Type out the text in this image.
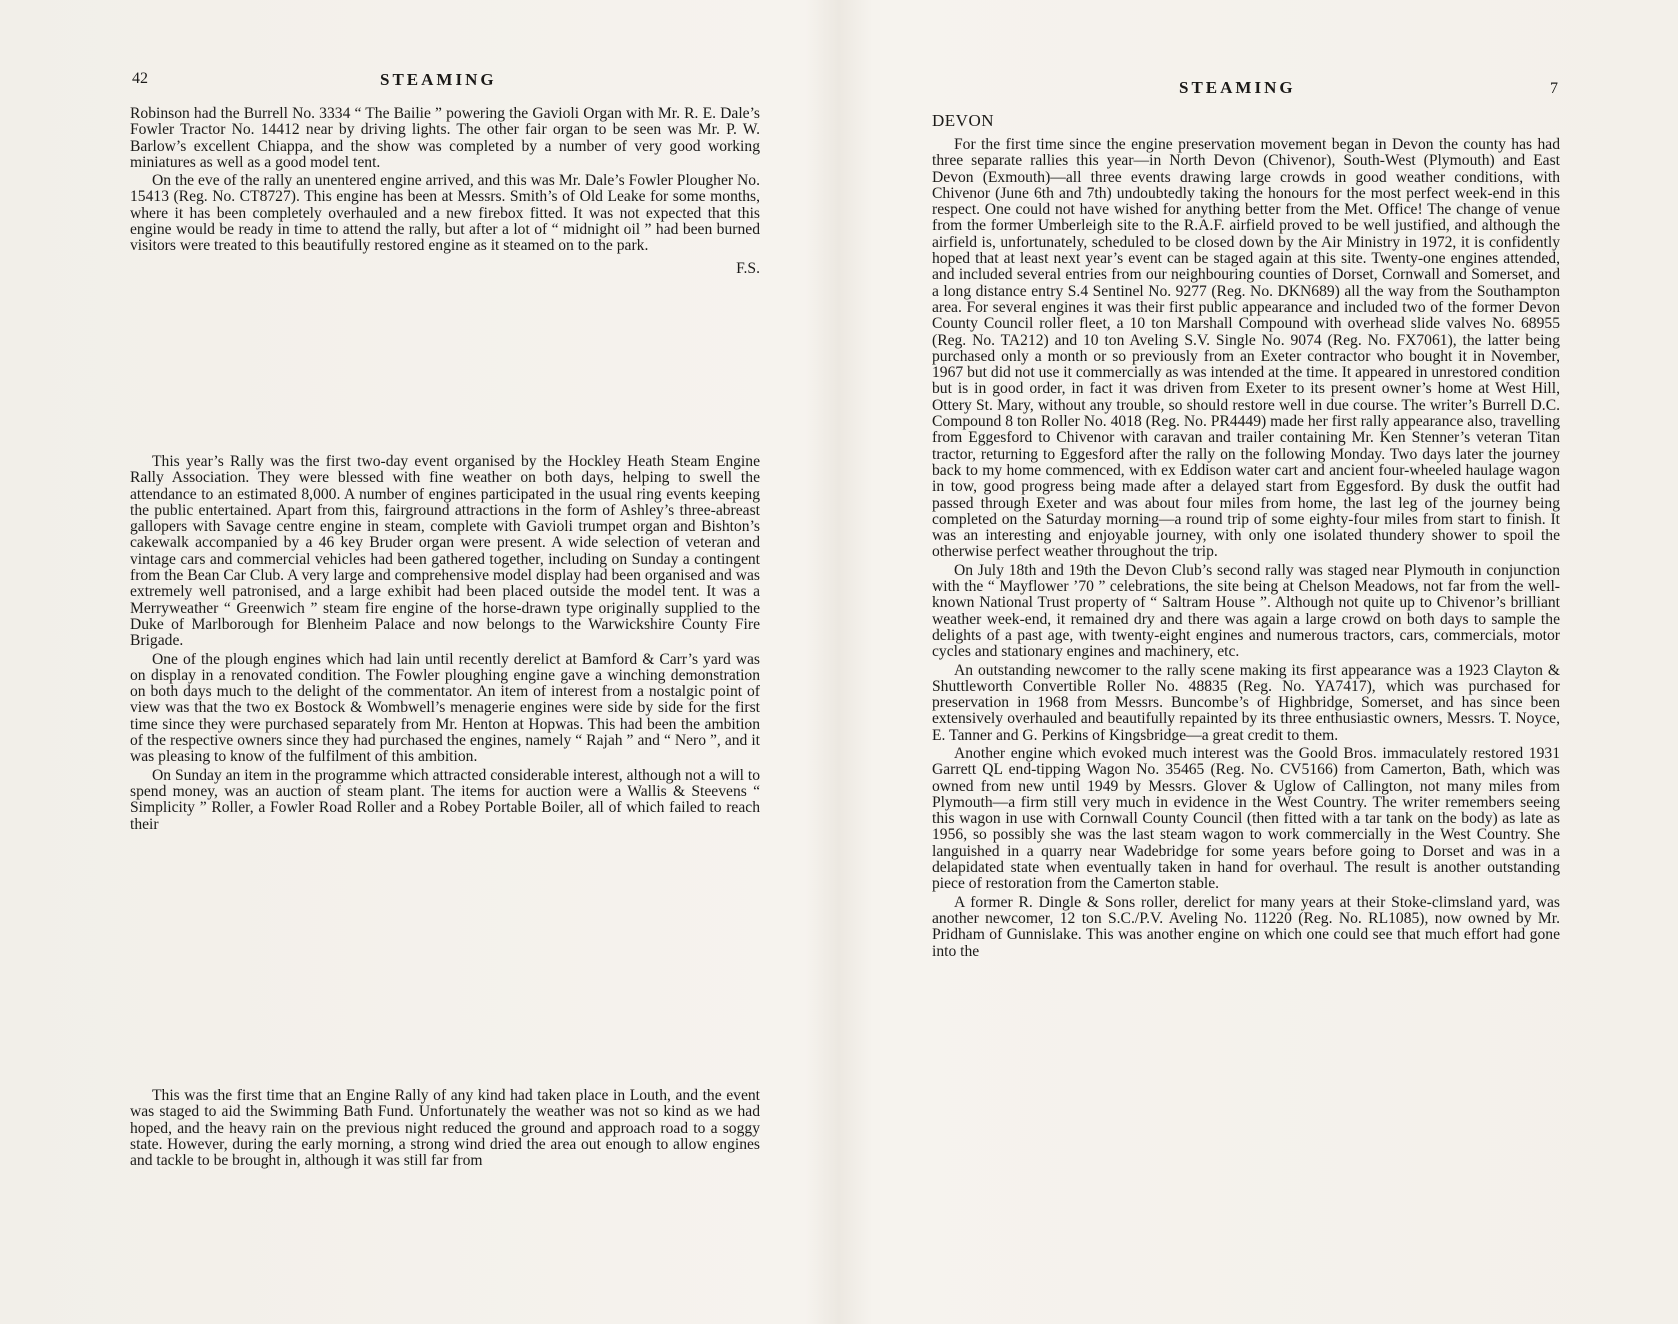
42	STEAMING

Robinson had the Burrell No. 3334 “ The Bailie ” powering the Gavioli Organ with Mr. R. E. Dale’s Fowler Tractor No. 14412 near by driving lights. The other fair organ to be seen was Mr. P. W. Barlow’s excellent Chiappa, and the show was completed by a number of very good working miniatures as well as a good model tent.

On the eve of the rally an unentered engine arrived, and this was Mr. Dale’s Fowler Plougher No. 15413 (Reg. No. CT8727). This engine has been at Messrs. Smith’s of Old Leake for some months, where it has been completely overhauled and a new firebox fitted. It was not expected that this engine would be ready in time to attend the rally, but after a lot of “ midnight oil ” had been burned visitors were treated to this beautifully restored engine as it steamed on to the park.

F.S.

This year’s Rally was the first two-day event organised by the Hockley Heath Steam Engine Rally Association. They were blessed with fine weather on both days, helping to swell the attendance to an estimated 8,000. A number of engines participated in the usual ring events keeping the public entertained. Apart from this, fairground attractions in the form of Ashley’s three-abreast gallopers with Savage centre engine in steam, complete with Gavioli trumpet organ and Bishton’s cakewalk accompanied by a 46 key Bruder organ were present. A wide selection of veteran and vintage cars and commercial vehicles had been gathered together, including on Sunday a contingent from the Bean Car Club. A very large and comprehensive model display had been organised and was extremely well patronised, and a large exhibit had been placed outside the model tent. It was a Merryweather “ Greenwich ” steam fire engine of the horse-drawn type originally supplied to the Duke of Marlborough for Blenheim Palace and now belongs to the Warwickshire County Fire Brigade.

One of the plough engines which had lain until recently derelict at Bamford & Carr’s yard was on display in a renovated condition. The Fowler ploughing engine gave a winching demonstration on both days much to the delight of the commentator. An item of interest from a nostalgic point of view was that the two ex Bostock & Wombwell’s menagerie engines were side by side for the first time since they were purchased separately from Mr. Henton at Hopwas. This had been the ambition of the respective owners since they had purchased the engines, namely “ Rajah ” and “ Nero ”, and it was pleasing to know of the fulfilment of this ambition.

On Sunday an item in the programme which attracted considerable interest, although not a will to spend money, was an auction of steam plant. The items for auction were a Wallis & Steevens “ Simplicity ” Roller, a Fowler Road Roller and a Robey Portable Boiler, all of which failed to reach their

This was the first time that an Engine Rally of any kind had taken place in Louth, and the event was staged to aid the Swimming Bath Fund. Unfortunately the weather was not so kind as we had hoped, and the heavy rain on the previous night reduced the ground and approach road to a soggy state. However, during the early morning, a strong wind dried the area out enough to allow engines and tackle to be brought in, although it was still far from

STEAMING	7
DEVON

For the first time since the engine preservation movement began in Devon the county has had three separate rallies this year—in North Devon (Chivenor), South-West (Plymouth) and East Devon (Exmouth)—all three events drawing large crowds in good weather conditions, with Chivenor (June 6th and 7th) undoubtedly taking the honours for the most perfect week-end in this respect. One could not have wished for anything better from the Met. Office! The change of venue from the former Umberleigh site to the R.A.F. airfield proved to be well justified, and although the airfield is, unfortunately, scheduled to be closed down by the Air Ministry in 1972, it is confidently hoped that at least next year’s event can be staged again at this site. Twenty-one engines attended, and included several entries from our neighbouring counties of Dorset, Cornwall and Somerset, and a long distance entry S.4 Sentinel No. 9277 (Reg. No. DKN689) all the way from the Southampton area. For several engines it was their first public appearance and included two of the former Devon County Council roller fleet, a 10 ton Marshall Compound with overhead slide valves No. 68955 (Reg. No. TA212) and 10 ton Aveling S.V. Single No. 9074 (Reg. No. FX7061), the latter being purchased only a month or so previously from an Exeter contractor who bought it in November, 1967 but did not use it commercially as was intended at the time. It appeared in unrestored condition but is in good order, in fact it was driven from Exeter to its present owner’s home at West Hill, Ottery St. Mary, without any trouble, so should restore well in due course. The writer’s Burrell D.C. Compound 8 ton Roller No. 4018 (Reg. No. PR4449) made her first rally appearance also, travelling from Eggesford to Chivenor with caravan and trailer containing Mr. Ken Stenner’s veteran Titan tractor, returning to Eggesford after the rally on the following Monday. Two days later the journey back to my home commenced, with ex Eddison water cart and ancient four-wheeled haulage wagon in tow, good progress being made after a delayed start from Eggesford. By dusk the outfit had passed through Exeter and was about four miles from home, the last leg of the journey being completed on the Saturday morning—a round trip of some eighty-four miles from start to finish. It was an interesting and enjoyable journey, with only one isolated thundery shower to spoil the otherwise perfect weather throughout the trip.

On July 18th and 19th the Devon Club’s second rally was staged near Plymouth in conjunction with the “ Mayflower ’70 ” celebrations, the site being at Chelson Meadows, not far from the well-known National Trust property of “ Saltram House ”. Although not quite up to Chivenor’s brilliant weather week-end, it remained dry and there was again a large crowd on both days to sample the delights of a past age, with twenty-eight engines and numerous tractors, cars, commercials, motor cycles and stationary engines and machinery, etc.

An outstanding newcomer to the rally scene making its first appearance was a 1923 Clayton & Shuttleworth Convertible Roller No. 48835 (Reg. No. YA7417), which was purchased for preservation in 1968 from Messrs. Buncombe’s of Highbridge, Somerset, and has since been extensively overhauled and beautifully repainted by its three enthusiastic owners, Messrs. T. Noyce, E. Tanner and G. Perkins of Kingsbridge—a great credit to them.

Another engine which evoked much interest was the Goold Bros. immaculately restored 1931 Garrett QL end-tipping Wagon No. 35465 (Reg. No. CV5166) from Camerton, Bath, which was owned from new until 1949 by Messrs. Glover & Uglow of Callington, not many miles from Plymouth—a firm still very much in evidence in the West Country. The writer remembers seeing this wagon in use with Cornwall County Council (then fitted with a tar tank on the body) as late as 1956, so possibly she was the last steam wagon to work commercially in the West Country. She languished in a quarry near Wadebridge for some years before going to Dorset and was in a delapidated state when eventually taken in hand for overhaul. The result is another outstanding piece of restoration from the Camerton stable.

A former R. Dingle & Sons roller, derelict for many years at their Stoke-climsland yard, was another newcomer, 12 ton S.C./P.V. Aveling No. 11220 (Reg. No. RL1085), now owned by Mr. Pridham of Gunnislake. This was another engine on which one could see that much effort had gone into the
